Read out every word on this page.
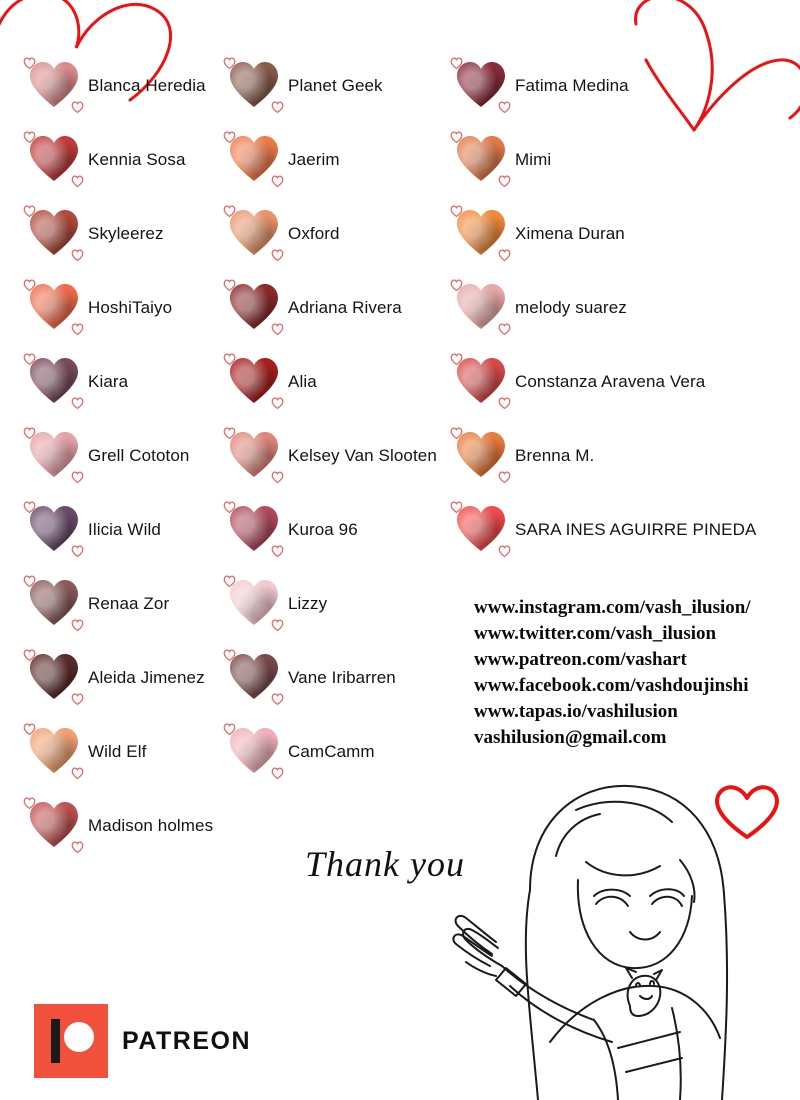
Blanca Heredia
Kennia Sosa
Skyleerez
HoshiTaiyo
Kiara
Grell Cototon
Ilicia Wild
Renaa Zor
Aleida Jimenez
Wild Elf
Madison holmes
Planet Geek
Jaerim
Oxford
Adriana Rivera
Alia
Kelsey Van Slooten
Kuroa 96
Lizzy
Vane Iribarren
CamCamm
Fatima Medina
Mimi
Ximena Duran
melody suarez
Constanza Aravena Vera
Brenna M.
SARA INES AGUIRRE PINEDA
www.instagram.com/vash_ilusion/
www.twitter.com/vash_ilusion
www.patreon.com/vashart
www.facebook.com/vashdoujinshi
www.tapas.io/vashilusion
vashilusion@gmail.com
Thank you
PATREON
